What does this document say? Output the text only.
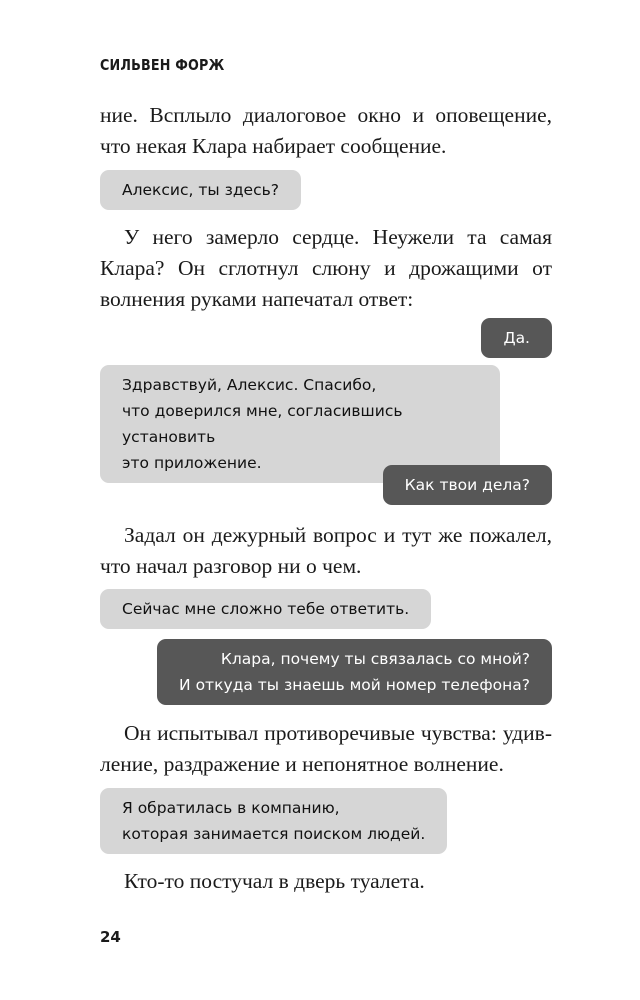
СИЛЬВЕН ФОРЖ

ние. Всплыло диалоговое окно и оповещение,
что некая Клара набирает сообщение.

Алексис, ты здесь?

У него замерло сердце. Неужели та самая
Клара? Он сглотнул слюну и дрожащими от
волнения руками напечатал ответ:

Да.
Здравствуй, Алексис. Спасибо,
что доверился мне, согласившись установить
это приложение.
Как твои дела?

Задал он дежурный вопрос и тут же пожалел,
что начал разговор ни о чем.

Сейчас мне сложно тебе ответить.
Клара, почему ты связалась со мной?
И откуда ты знаешь мой номер телефона?

Он испытывал противоречивые чувства: удив-
ление, раздражение и непонятное волнение.

Я обратилась в компанию,
которая занимается поиском людей.

Кто-то постучал в дверь туалета.

24
